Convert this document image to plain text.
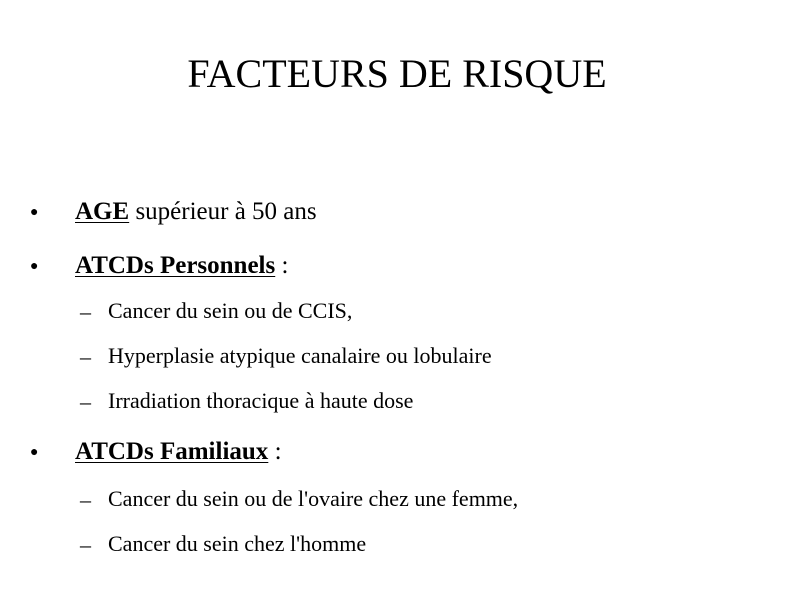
FACTEURS DE RISQUE
● AGE supérieur à 50 ans
● ATCDs Personnels :
– Cancer du sein ou de CCIS,
– Hyperplasie atypique canalaire ou lobulaire
– Irradiation thoracique à haute dose
● ATCDs Familiaux :
– Cancer du sein ou de l'ovaire chez une femme,
– Cancer du sein chez l'homme
